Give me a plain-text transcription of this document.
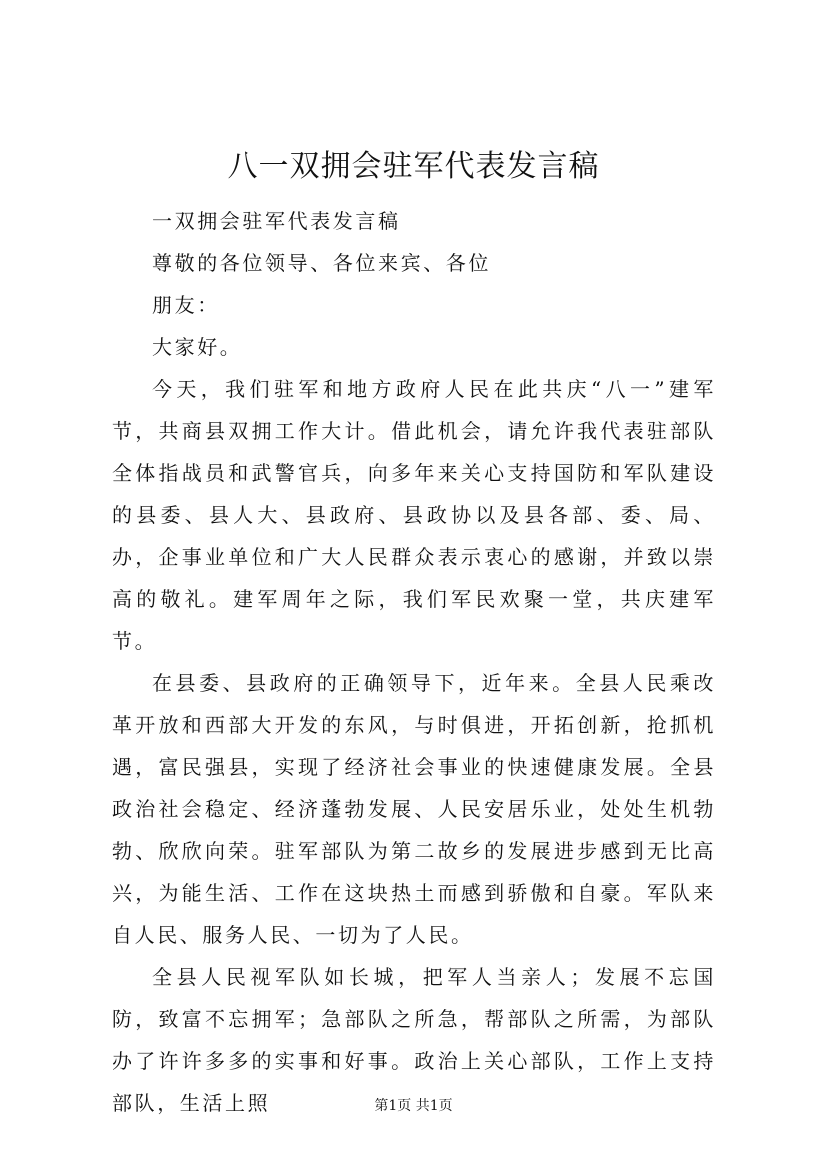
八一双拥会驻军代表发言稿

一双拥会驻军代表发言稿

尊敬的各位领导、各位来宾、各位

朋友：

大家好。

今天，我们驻军和地方政府人民在此共庆“八一”建军节，共商县双拥工作大计。借此机会，请允许我代表驻部队全体指战员和武警官兵，向多年来关心支持国防和军队建设的县委、县人大、县政府、县政协以及县各部、委、局、办，企事业单位和广大人民群众表示衷心的感谢，并致以崇高的敬礼。建军周年之际，我们军民欢聚一堂，共庆建军节。

在县委、县政府的正确领导下，近年来。全县人民乘改革开放和西部大开发的东风，与时俱进，开拓创新，抢抓机遇，富民强县，实现了经济社会事业的快速健康发展。全县政治社会稳定、经济蓬勃发展、人民安居乐业，处处生机勃勃、欣欣向荣。驻军部队为第二故乡的发展进步感到无比高兴，为能生活、工作在这块热土而感到骄傲和自豪。军队来自人民、服务人民、一切为了人民。

全县人民视军队如长城，把军人当亲人；发展不忘国防，致富不忘拥军；急部队之所急，帮部队之所需，为部队办了许许多多的实事和好事。政治上关心部队，工作上支持部队，生活上照	第1页 共1页
